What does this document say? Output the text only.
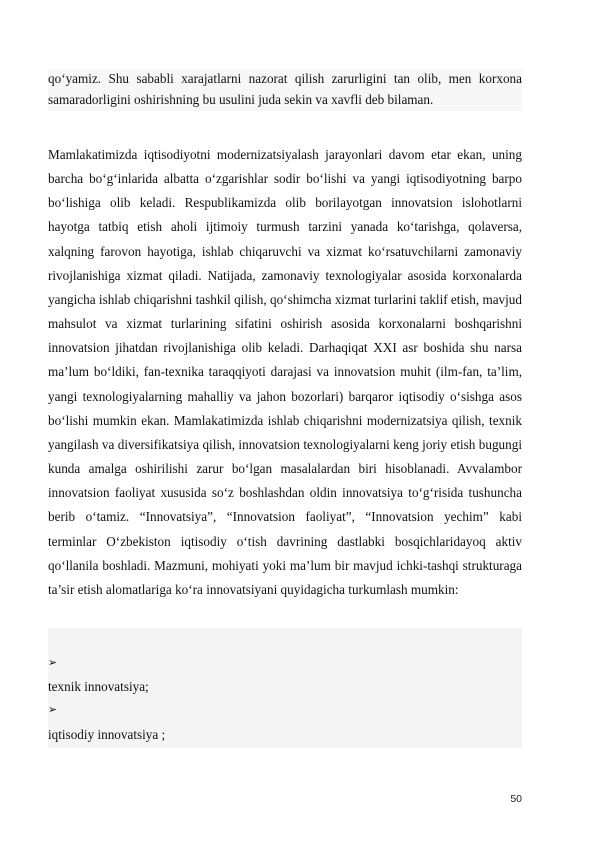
qo‘yamiz. Shu sababli xarajatlarni nazorat qilish zarurligini tan olib, men korxona samaradorligini oshirishning bu usulini juda sekin va xavfli deb bilaman.

Mamlakatimizda iqtisodiyotni modernizatsiyalash jarayonlari davom etar ekan, uning barcha bo‘g‘inlarida albatta o‘zgarishlar sodir bo‘lishi va yangi iqtisodiyotning barpo bo‘lishiga olib keladi. Respublikamizda olib borilayotgan innovatsion islohotlarni hayotga tatbiq etish aholi ijtimoiy turmush tarzini yanada ko‘tarishga, qolaversa, xalqning farovon hayotiga, ishlab chiqaruvchi va xizmat ko‘rsatuvchilarni zamonaviy rivojlanishiga xizmat qiladi. Natijada, zamonaviy texnologiyalar asosida korxonalarda yangicha ishlab chiqarishni tashkil qilish, qo‘shimcha xizmat turlarini taklif etish, mavjud mahsulot va xizmat turlarining sifatini oshirish asosida korxonalarni boshqarishni innovatsion jihatdan rivojlanishiga olib keladi. Darhaqiqat XXI asr boshida shu narsa ma’lum bo‘ldiki, fan-texnika taraqqiyoti darajasi va innovatsion muhit (ilm-fan, ta’lim, yangi texnologiyalarning mahalliy va jahon bozorlari) barqaror iqtisodiy o‘sishga asos bo‘lishi mumkin ekan. Mamlakatimizda ishlab chiqarishni modernizatsiya qilish, texnik yangilash va diversifikatsiya qilish, innovatsion texnologiyalarni keng joriy etish bugungi kunda amalga oshirilishi zarur bo‘lgan masalalardan biri hisoblanadi. Avvalambor innovatsion faoliyat xususida so‘z boshlashdan oldin innovatsiya to‘g‘risida tushuncha berib o‘tamiz. “Innovatsiya”, “Innovatsion faoliyat”, “Innovatsion yechim” kabi terminlar O‘zbekiston iqtisodiy o‘tish davrining dastlabki bosqichlaridayoq aktiv qo‘llanila boshladi. Mazmuni, mohiyati yoki ma’lum bir mavjud ichki-tashqi strukturaga ta’sir etish alomatlariga ko‘ra innovatsiyani quyidagicha turkumlash mumkin:

➢
texnik innovatsiya;
➢
iqtisodiy innovatsiya ;
50
